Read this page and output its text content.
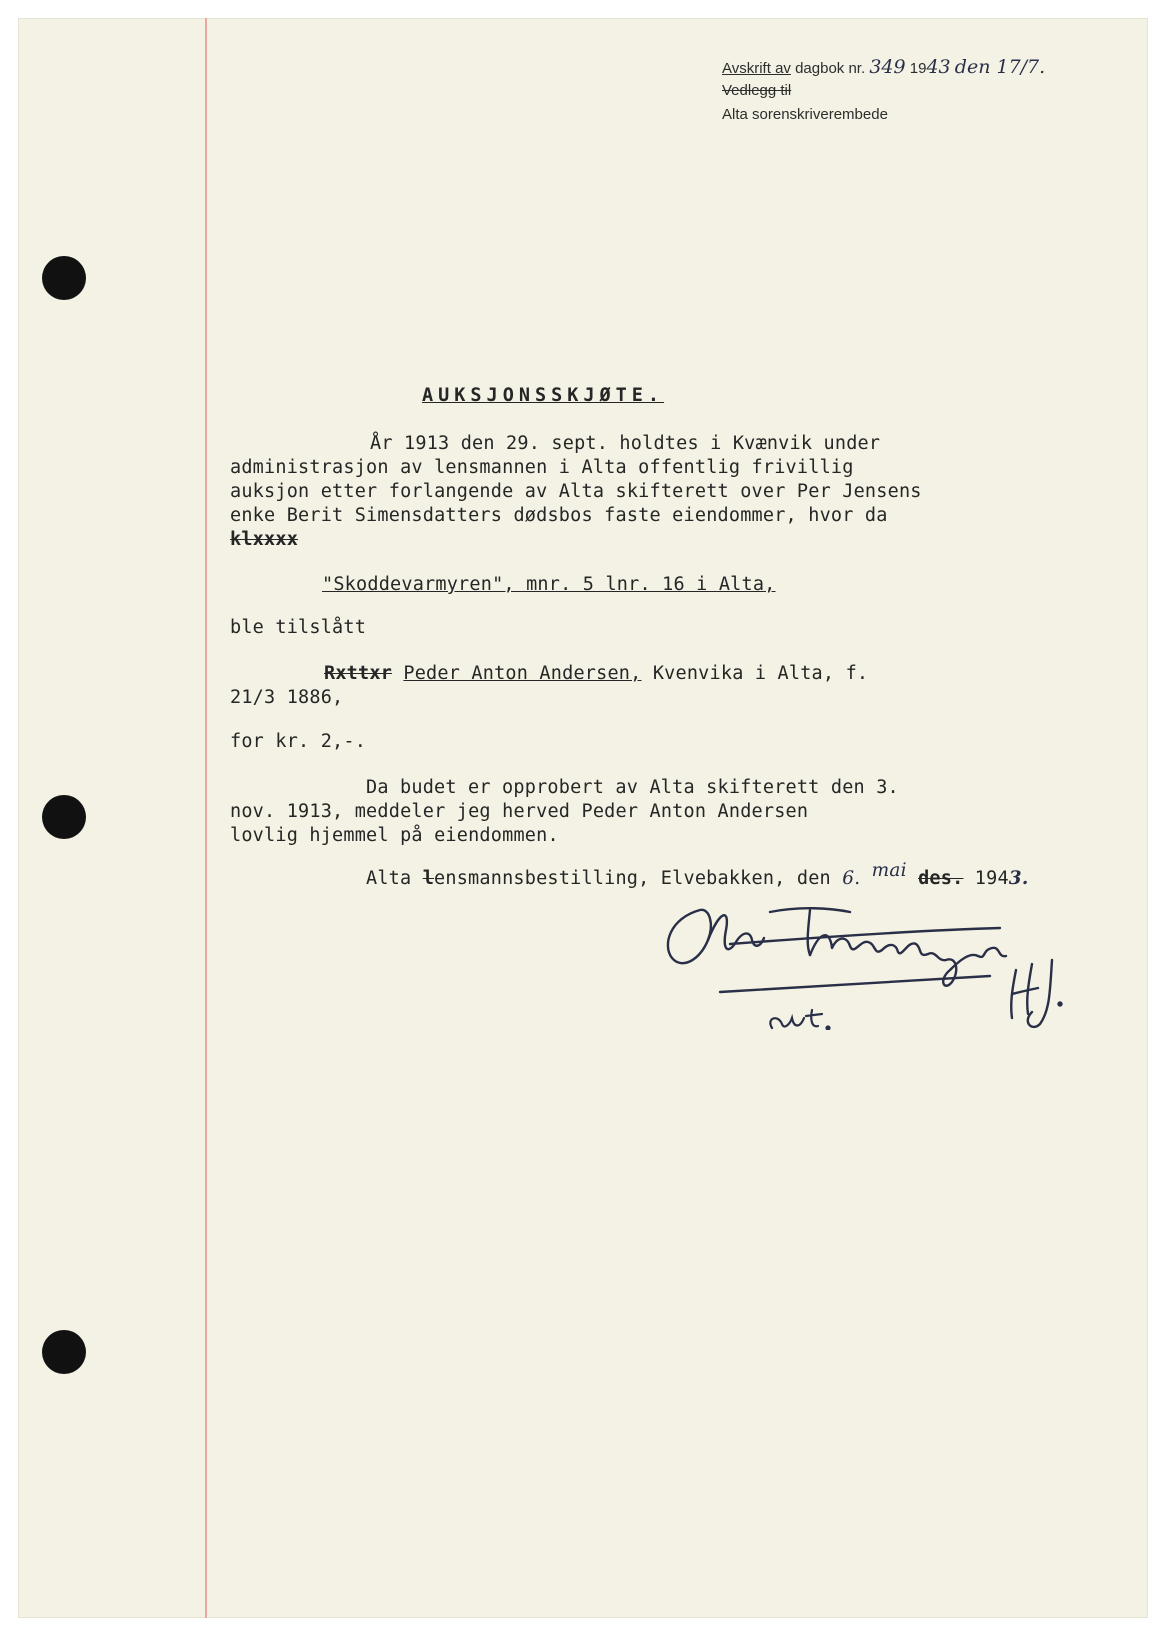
Avskrift av dagbok nr. 349 1943 den 17/7.
Vedlegg til
Alta sorenskriverembede
AUKSJONSSKJØTE.
År 1913 den 29. sept. holdtes i Kvænvik under
administrasjon av lensmannen i Alta offentlig frivillig
auksjon etter forlangende av Alta skifterett over Per Jensens
enke Berit Simensdatters dødsbos faste eiendommer, hvor da
klxxxx
"Skoddevarmyren", mnr. 5 lnr. 16 i Alta,
ble tilslått
Rxttxr Peder Anton Andersen, Kvenvika i Alta, f.
21/3 1886,
for kr. 2,-.
Da budet er opprobert av Alta skifterett den 3.
nov. 1913, meddeler jeg herved Peder Anton Andersen
lovlig hjemmel på eiendommen.
Alta lensmannsbestilling, Elvebakken, den 6. mai des. 1943.
